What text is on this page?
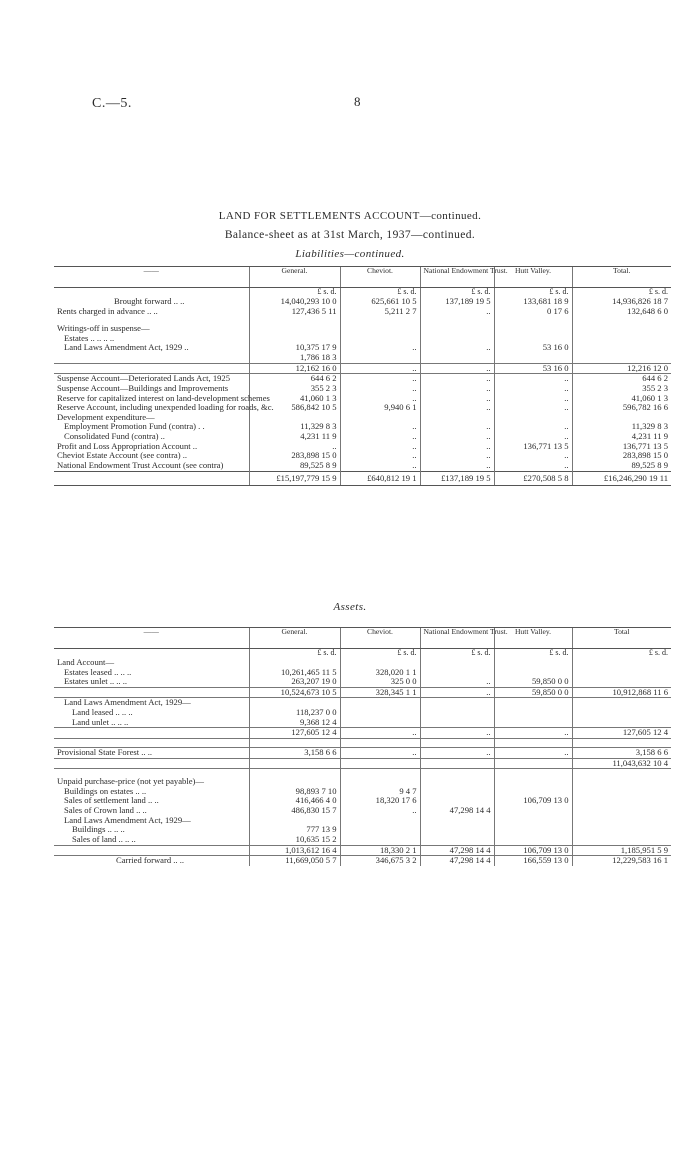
C.—5.	8
LAND FOR SETTLEMENTS ACCOUNT—continued.
Balance-sheet as at 31st March, 1937—continued.
Liabilities—continued.
——	General.	Cheviot.	National Endowment Trust.	Hutt Valley.	Total.
	£ s. d.	£ s. d.	£ s. d.	£ s. d.	£ s. d.
Brought forward .. ..	14,040,293 10 0	625,661 10 5	137,189 19 5	133,681 18 9	14,936,826 18 7
Rents charged in advance .. ..	127,436 5 11	5,211 2 7	..	0 17 6	132,648 6 0

Writings-off in suspense—					
Estates .. .. .. ..					
Land Laws Amendment Act, 1929 ..	10,375 17 9	..	..	53 16 0	
	1,786 18 3				
	12,162 16 0	..	..	53 16 0	12,216 12 0
Suspense Account—Deteriorated Lands Act, 1925	644 6 2	..	..	..	644 6 2
Suspense Account—Buildings and Improvements	355 2 3	..	..	..	355 2 3
Reserve for capitalized interest on land-development schemes	41,060 1 3	..	..	..	41,060 1 3
Reserve Account, including unexpended loading for roads, &c.	586,842 10 5	9,940 6 1	..	..	596,782 16 6
Development expenditure—					
Employment Promotion Fund (contra) . .	11,329 8 3	..	..	..	11,329 8 3
Consolidated Fund (contra) ..	4,231 11 9	..	..	..	4,231 11 9
Profit and Loss Appropriation Account ..	..	..	..	136,771 13 5	136,771 13 5
Cheviot Estate Account (see contra) ..	283,898 15 0	..	..	..	283,898 15 0
National Endowment Trust Account (see contra)	89,525 8 9	..	..	..	89,525 8 9
	£15,197,779 15 9	£640,812 19 1	£137,189 19 5	£270,508 5 8	£16,246,290 19 11
Assets.
——	General.	Cheviot.	National Endowment Trust.	Hutt Valley.	Total
	£ s. d.	£ s. d.	£ s. d.	£ s. d.	£ s. d.
Land Account—					
Estates leased .. .. ..	10,261,465 11 5	328,020 1 1			
Estates unlet .. .. ..	263,207 19 0	325 0 0	..	59,850 0 0	
	10,524,673 10 5	328,345 1 1	..	59,850 0 0	10,912,868 11 6
Land Laws Amendment Act, 1929—					
Land leased .. .. ..	118,237 0 0				
Land unlet .. .. ..	9,368 12 4				
	127,605 12 4	..	..	..	127,605 12 4

Provisional State Forest .. ..	3,158 6 6	..	..	..	3,158 6 6
					11,043,632 10 4

Unpaid purchase-price (not yet payable)—					
Buildings on estates .. ..	98,893 7 10	9 4 7			
Sales of settlement land .. ..	416,466 4 0	18,320 17 6		106,709 13 0	
Sales of Crown land .. ..	486,830 15 7	..	47,298 14 4		
Land Laws Amendment Act, 1929—					
Buildings .. .. ..	777 13 9				
Sales of land .. .. ..	10,635 15 2				
	1,013,612 16 4	18,330 2 1	47,298 14 4	106,709 13 0	1,185,951 5 9
Carried forward .. ..	11,669,050 5 7	346,675 3 2	47,298 14 4	166,559 13 0	12,229,583 16 1
